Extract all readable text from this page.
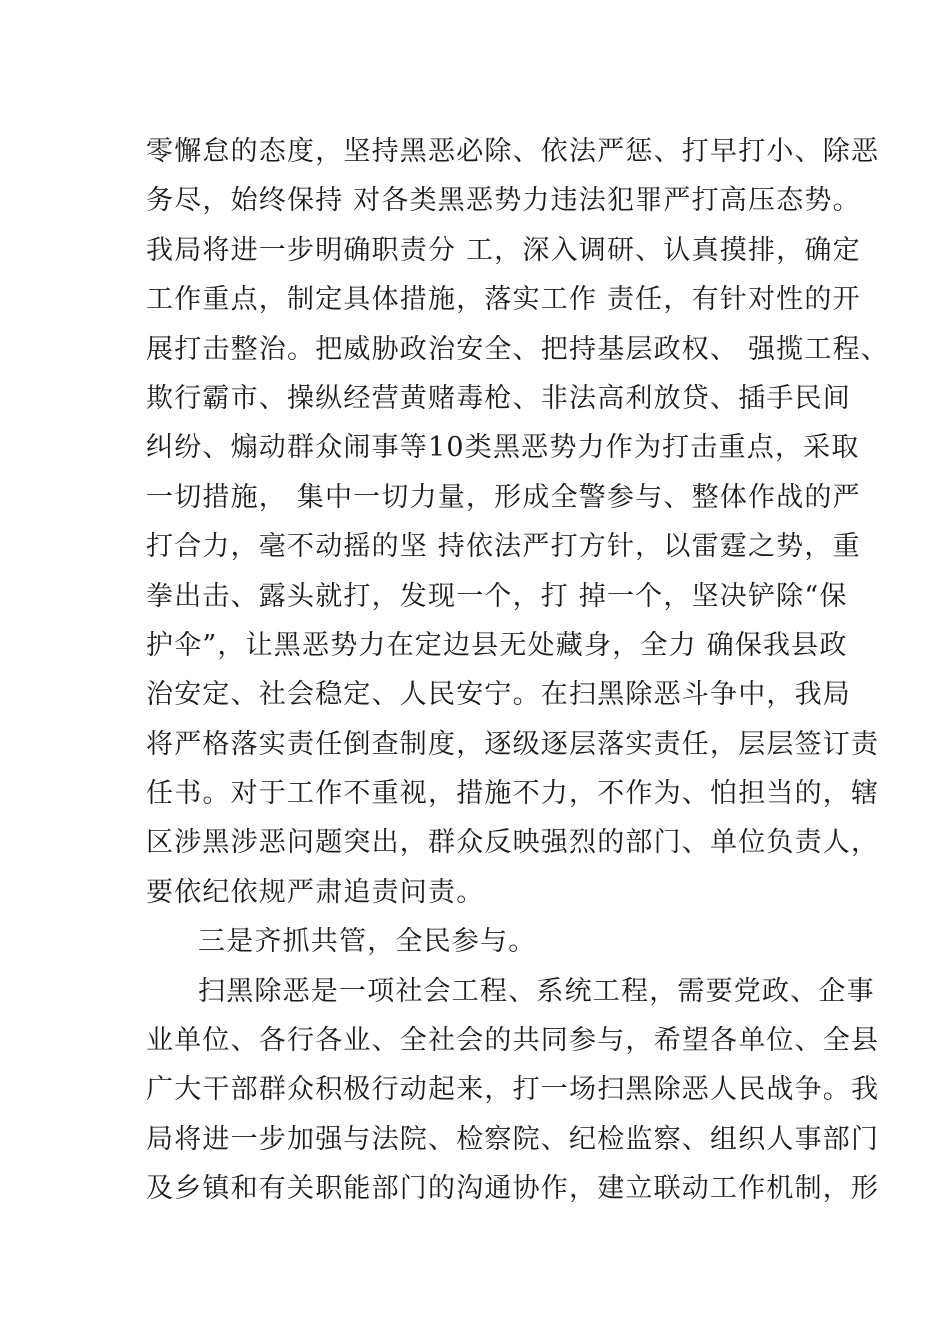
零懈怠的态度，坚持黑恶必除、依法严惩、打早打小、除恶
务尽，始终保持 对各类黑恶势力违法犯罪严打高压态势。
我局将进一步明确职责分 工，深入调研、认真摸排，确定
工作重点，制定具体措施，落实工作 责任，有针对性的开
展打击整治。把威胁政治安全、把持基层政权、 强揽工程、
欺行霸市、操纵经营黄赌毒枪、非法高利放贷、插手民间
纠纷、煽动群众闹事等10类黑恶势力作为打击重点，采取
一切措施， 集中一切力量，形成全警参与、整体作战的严
打合力，毫不动摇的坚 持依法严打方针，以雷霆之势，重
拳出击、露头就打，发现一个，打 掉一个，坚决铲除“保
护伞”，让黑恶势力在定边县无处藏身，全力 确保我县政
治安定、社会稳定、人民安宁。在扫黑除恶斗争中，我局
将严格落实责任倒查制度，逐级逐层落实责任，层层签订责
任书。对于工作不重视，措施不力，不作为、怕担当的，辖
区涉黑涉恶问题突出，群众反映强烈的部门、单位负责人，
要依纪依规严肃追责问责。
三是齐抓共管，全民参与。
扫黑除恶是一项社会工程、系统工程，需要党政、企事
业单位、各行各业、全社会的共同参与，希望各单位、全县
广大干部群众积极行动起来，打一场扫黑除恶人民战争。我
局将进一步加强与法院、检察院、纪检监察、组织人事部门
及乡镇和有关职能部门的沟通协作，建立联动工作机制，形
